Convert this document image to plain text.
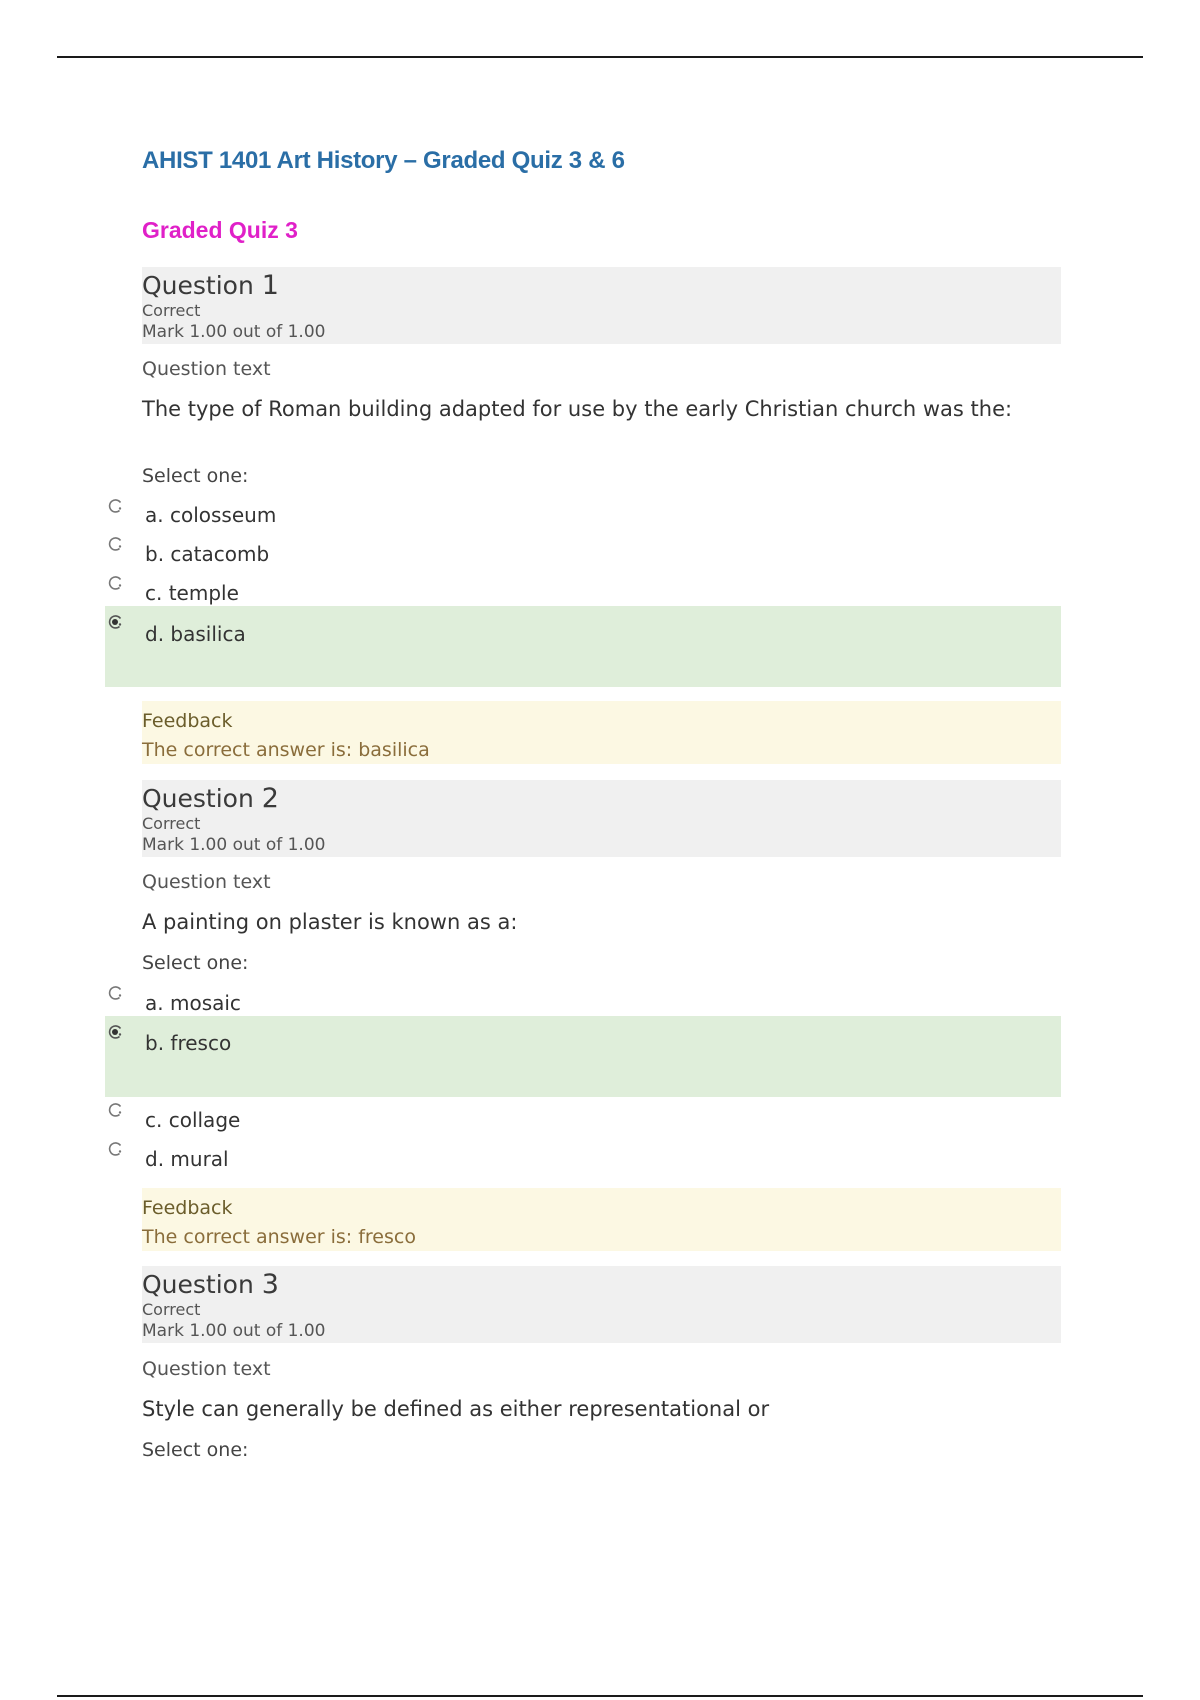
AHIST 1401 Art History – Graded Quiz 3 & 6
Graded Quiz 3
Question 1
Correct
Mark 1.00 out of 1.00
Question text
The type of Roman building adapted for use by the early Christian church was the:
Select one:
a. colosseum
b. catacomb
c. temple
d. basilica
Feedback
The correct answer is: basilica
Question 2
Correct
Mark 1.00 out of 1.00
Question text
A painting on plaster is known as a:
Select one:
a. mosaic
b. fresco
c. collage
d. mural
Feedback
The correct answer is: fresco
Question 3
Correct
Mark 1.00 out of 1.00
Question text
Style can generally be defined as either representational or
Select one:
